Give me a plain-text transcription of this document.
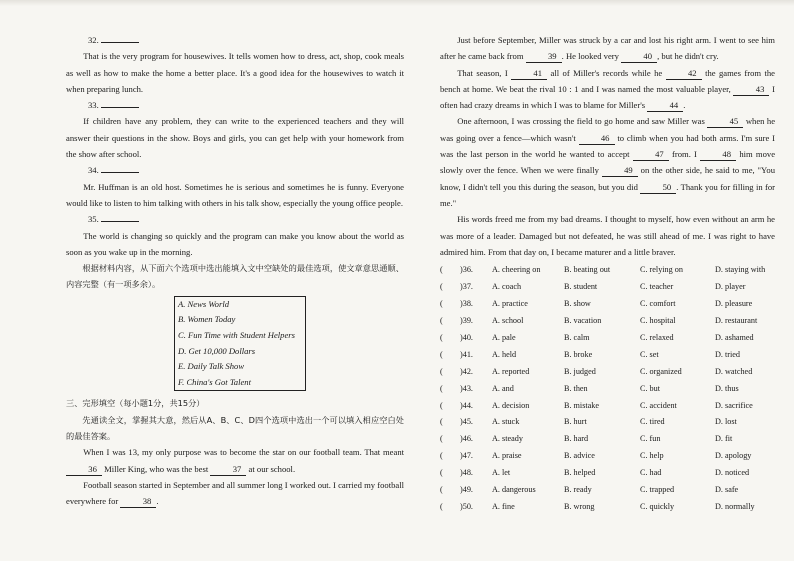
32.

That is the very program for housewives. It tells women how to dress, act, shop, cook meals as well as how to make the home a better place. It's a good idea for the housewives to watch it when preparing lunch.

33.

If children have any problem, they can write to the experienced teachers and they will answer their questions in the show. Boys and girls, you can get help with your homework from the show after school.

34.

Mr. Huffman is an old host. Sometimes he is serious and sometimes he is funny. Everyone would like to listen to him talking with others in his talk show, especially the young office people.

35.

The world is changing so quickly and the program can make you know about the world as soon as you wake up in the morning.

根据材料内容，从下面六个选项中选出能填入文中空缺处的最佳选项，使文章意思通顺、内容完整（有一项多余）。

A. News World
B. Women Today
C. Fun Time with Student Helpers
D. Get 10,000 Dollars
E. Daily Talk Show
F. China's Got Talent

三、完形填空（每小题1分，共15分）

先通读全文，掌握其大意，然后从A、B、C、D四个选项中选出一个可以填入相应空白处的最佳答案。

When I was 13, my only purpose was to become the star on our football team. That meant 36 Miller King, who was the best	37 at our school.

Football season started in September and all summer long I worked out. I carried my football everywhere for	38 .

Just before September, Miller was struck by a car and lost his right arm. I went to see him after he came back from	39 . He looked very	40 , but he didn't cry.

That season, I	41 all of Miller's records while he	42 the games from the bench at home. We beat the rival 10 : 1 and I was named the most valuable player,	43 I often had crazy dreams in which I was to blame for Miller's	44 .

One afternoon, I was crossing the field to go home and saw Miller was	45 when he was going over a fence—which wasn't	46 to climb when you had both arms. I'm sure I was the last person in the world he wanted to accept	47 from. I	48 him move slowly over the fence. When we were finally	49 on the other side, he said to me, "You know, I didn't tell you this during the season, but you did	50 . Thank you for filling in for me."

His words freed me from my bad dreams. I thought to myself, how even without an arm he was more of a leader. Damaged but not defeated, he was still ahead of me. I was right to have admired him. From that day on, I became maturer and a little braver.

( )36.	A. cheering on	B. beating out	C. relying on	D. staying with
( )37.	A. coach	B. student	C. teacher	D. player
( )38.	A. practice	B. show	C. comfort	D. pleasure
( )39.	A. school	B. vacation	C. hospital	D. restaurant
( )40.	A. pale	B. calm	C. relaxed	D. ashamed
( )41.	A. held	B. broke	C. set	D. tried
( )42.	A. reported	B. judged	C. organized	D. watched
( )43.	A. and	B. then	C. but	D. thus
( )44.	A. decision	B. mistake	C. accident	D. sacrifice
( )45.	A. stuck	B. hurt	C. tired	D. lost
( )46.	A. steady	B. hard	C. fun	D. fit
( )47.	A. praise	B. advice	C. help	D. apology
( )48.	A. let	B. helped	C. had	D. noticed
( )49.	A. dangerous	B. ready	C. trapped	D. safe
( )50.	A. fine	B. wrong	C. quickly	D. normally
